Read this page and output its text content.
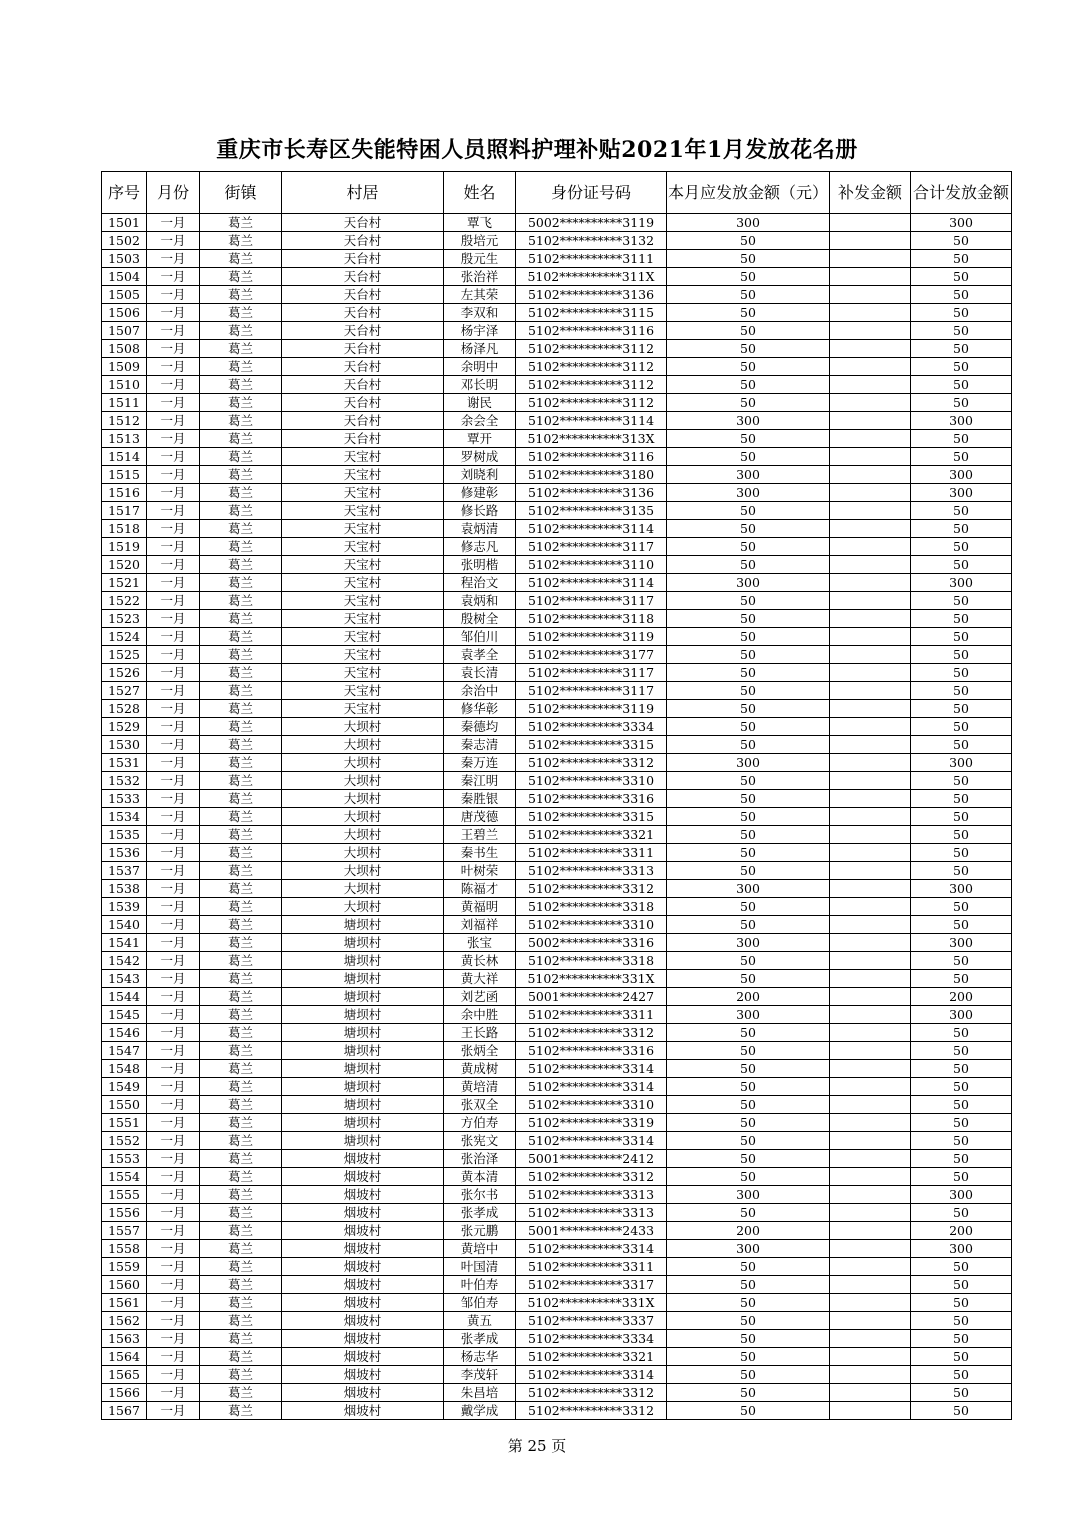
重庆市长寿区失能特困人员照料护理补贴2021年1月发放花名册
序号	月份	街镇	村居	姓名	身份证号码	本月应发放金额（元）	补发金额	合计发放金额
1501	一月	葛兰	天台村	覃飞	5002**********3119	300		300
1502	一月	葛兰	天台村	殷培元	5102**********3132	50		50
1503	一月	葛兰	天台村	殷元生	5102**********3111	50		50
1504	一月	葛兰	天台村	张治祥	5102**********311X	50		50
1505	一月	葛兰	天台村	左其荣	5102**********3136	50		50
1506	一月	葛兰	天台村	李双和	5102**********3115	50		50
1507	一月	葛兰	天台村	杨宇泽	5102**********3116	50		50
1508	一月	葛兰	天台村	杨泽凡	5102**********3112	50		50
1509	一月	葛兰	天台村	余明中	5102**********3112	50		50
1510	一月	葛兰	天台村	邓长明	5102**********3112	50		50
1511	一月	葛兰	天台村	谢民	5102**********3112	50		50
1512	一月	葛兰	天台村	余会全	5102**********3114	300		300
1513	一月	葛兰	天台村	覃开	5102**********313X	50		50
1514	一月	葛兰	天宝村	罗树成	5102**********3116	50		50
1515	一月	葛兰	天宝村	刘晓利	5102**********3180	300		300
1516	一月	葛兰	天宝村	修建彰	5102**********3136	300		300
1517	一月	葛兰	天宝村	修长路	5102**********3135	50		50
1518	一月	葛兰	天宝村	袁炳清	5102**********3114	50		50
1519	一月	葛兰	天宝村	修志凡	5102**********3117	50		50
1520	一月	葛兰	天宝村	张明楷	5102**********3110	50		50
1521	一月	葛兰	天宝村	程治文	5102**********3114	300		300
1522	一月	葛兰	天宝村	袁炳和	5102**********3117	50		50
1523	一月	葛兰	天宝村	殷树全	5102**********3118	50		50
1524	一月	葛兰	天宝村	邹伯川	5102**********3119	50		50
1525	一月	葛兰	天宝村	袁孝全	5102**********3177	50		50
1526	一月	葛兰	天宝村	袁长清	5102**********3117	50		50
1527	一月	葛兰	天宝村	余治中	5102**********3117	50		50
1528	一月	葛兰	天宝村	修华彰	5102**********3119	50		50
1529	一月	葛兰	大坝村	秦德均	5102**********3334	50		50
1530	一月	葛兰	大坝村	秦志清	5102**********3315	50		50
1531	一月	葛兰	大坝村	秦万连	5102**********3312	300		300
1532	一月	葛兰	大坝村	秦江明	5102**********3310	50		50
1533	一月	葛兰	大坝村	秦胜银	5102**********3316	50		50
1534	一月	葛兰	大坝村	唐茂德	5102**********3315	50		50
1535	一月	葛兰	大坝村	王碧兰	5102**********3321	50		50
1536	一月	葛兰	大坝村	秦书生	5102**********3311	50		50
1537	一月	葛兰	大坝村	叶树荣	5102**********3313	50		50
1538	一月	葛兰	大坝村	陈福才	5102**********3312	300		300
1539	一月	葛兰	大坝村	黄福明	5102**********3318	50		50
1540	一月	葛兰	塘坝村	刘福祥	5102**********3310	50		50
1541	一月	葛兰	塘坝村	张宝	5002**********3316	300		300
1542	一月	葛兰	塘坝村	黄长林	5102**********3318	50		50
1543	一月	葛兰	塘坝村	黄大祥	5102**********331X	50		50
1544	一月	葛兰	塘坝村	刘艺函	5001**********2427	200		200
1545	一月	葛兰	塘坝村	余中胜	5102**********3311	300		300
1546	一月	葛兰	塘坝村	王长路	5102**********3312	50		50
1547	一月	葛兰	塘坝村	张炳全	5102**********3316	50		50
1548	一月	葛兰	塘坝村	黄成树	5102**********3314	50		50
1549	一月	葛兰	塘坝村	黄培清	5102**********3314	50		50
1550	一月	葛兰	塘坝村	张双全	5102**********3310	50		50
1551	一月	葛兰	塘坝村	方伯寿	5102**********3319	50		50
1552	一月	葛兰	塘坝村	张宪文	5102**********3314	50		50
1553	一月	葛兰	烟坡村	张治泽	5001**********2412	50		50
1554	一月	葛兰	烟坡村	黄本清	5102**********3312	50		50
1555	一月	葛兰	烟坡村	张尔书	5102**********3313	300		300
1556	一月	葛兰	烟坡村	张孝成	5102**********3313	50		50
1557	一月	葛兰	烟坡村	张元鹏	5001**********2433	200		200
1558	一月	葛兰	烟坡村	黄培中	5102**********3314	300		300
1559	一月	葛兰	烟坡村	叶国清	5102**********3311	50		50
1560	一月	葛兰	烟坡村	叶伯寿	5102**********3317	50		50
1561	一月	葛兰	烟坡村	邹伯寿	5102**********331X	50		50
1562	一月	葛兰	烟坡村	黄五	5102**********3337	50		50
1563	一月	葛兰	烟坡村	张孝成	5102**********3334	50		50
1564	一月	葛兰	烟坡村	杨志华	5102**********3321	50		50
1565	一月	葛兰	烟坡村	李茂轩	5102**********3314	50		50
1566	一月	葛兰	烟坡村	朱昌培	5102**********3312	50		50
1567	一月	葛兰	烟坡村	戴学成	5102**********3312	50		50
第 25 页
